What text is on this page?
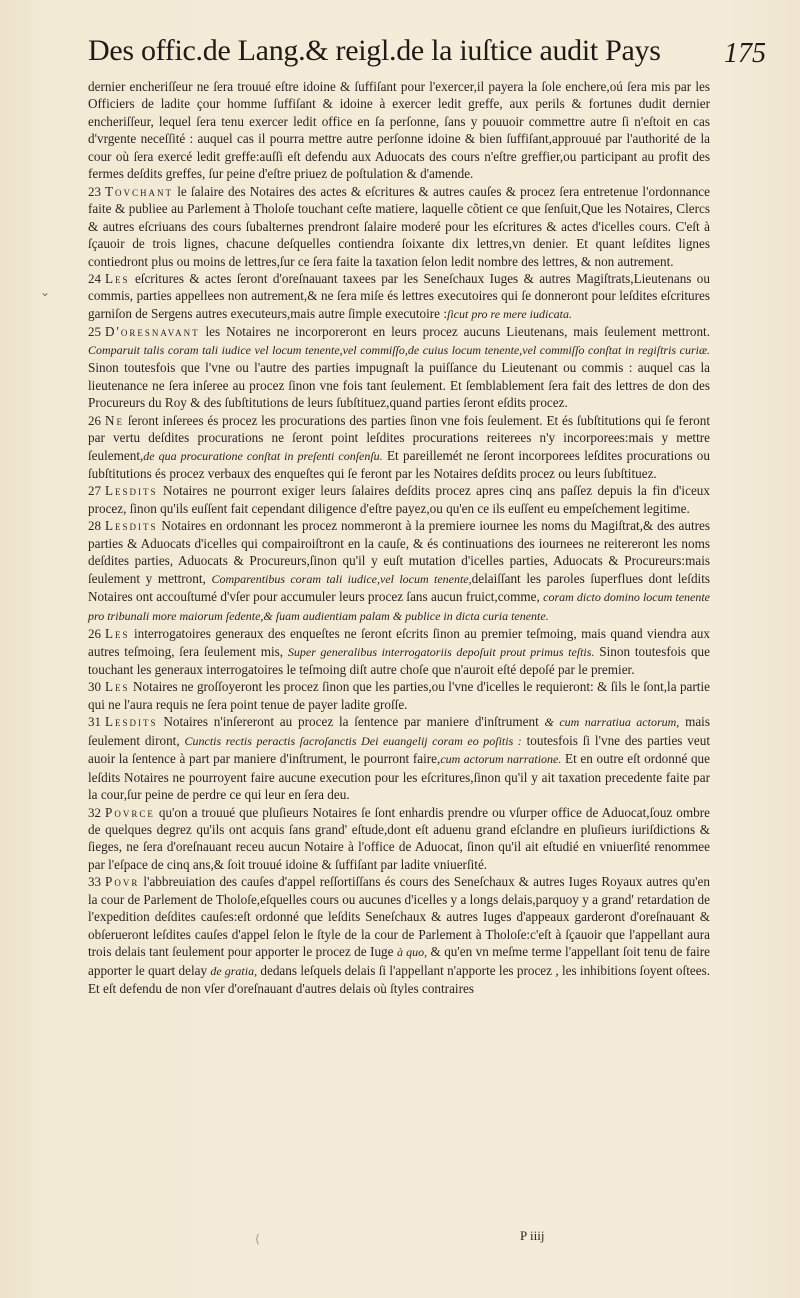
Des offic.de Lang.& reigl.de la iuſtice audit Pays 175
⌄

dernier encheriſſeur ne ſera trouué eſtre idoine & ſuffiſant pour l'exercer,il payera la ſole enchere,oú ſera mis par les Officiers de ladite çour homme ſuffiſant & idoine à exercer ledit greffe, aux perils & fortunes dudit dernier encheriſſeur, lequel ſera tenu exercer ledit office en ſa perſonne, ſans y pouuoir commettre autre ſi n'eſtoit en cas d'vrgente neceſſité : auquel cas il pourra mettre autre perſonne idoine & bien ſuffiſant,approuué par l'authorité de la cour où ſera exercé ledit greffe:auſſi eſt defendu aux Aduocats des cours n'eſtre greffier,ou participant au profit des fermes deſdits greffes, ſur peine d'eſtre priuez de poſtulation & d'amende.

23 Tovchant le ſalaire des Notaires des actes & eſcritures & autres cauſes & procez ſera entretenue l'ordonnance faite & publiee au Parlement à Tholoſe touchant ceſte matiere, laquelle cõtient ce que ſenſuit,Que les Notaires, Clercs & autres eſcriuans des cours ſubalternes prendront ſalaire moderé pour les eſcritures & actes d'icelles cours. C'eſt à ſçauoir de trois lignes, chacune deſquelles contiendra ſoixante dix lettres,vn denier. Et quant leſdites lignes contiedront plus ou moins de lettres,ſur ce ſera faite la taxation ſelon ledit nombre des lettres, & non autrement.

24 Les eſcritures & actes ſeront d'oreſnauant taxees par les Seneſchaux Iuges & autres Magiſtrats,Lieutenans ou commis, parties appellees non autrement,& ne ſera miſe és lettres executoires qui ſe donneront pour leſdites eſcritures garniſon de Sergens autres executeurs,mais autre ſimple executoire :ſicut pro re mere iudicata.

25 D'oresnavant les Notaires ne incorporeront en leurs procez aucuns Lieutenans, mais ſeulement mettront. Comparuit talis coram tali iudice vel locum tenente,vel commiſſo,de cuius locum tenente,vel commiſſo conſtat in regiſtris curiæ. Sinon toutesfois que l'vne ou l'autre des parties impugnaſt la puiſſance du Lieutenant ou commis : auquel cas la lieutenance ne ſera inſeree au procez ſinon vne fois tant ſeulement. Et ſemblablement ſera fait des lettres de don des Procureurs du Roy & des ſubſtitutions de leurs ſubſtituez,quand parties ſeront eſdits procez.

26 Ne ſeront inſerees és procez les procurations des parties ſinon vne fois ſeulement. Et és ſubſtitutions qui ſe feront par vertu deſdites procurations ne ſeront point leſdites procurations reiterees n'y incorporees:mais y mettre ſeulement,de qua procuratione conſtat in preſenti conſenſu. Et pareillemét ne ſeront incorporees leſdites procurations ou ſubſtitutions és procez verbaux des enqueſtes qui ſe feront par les Notaires deſdits procez ou leurs ſubſtituez.

27 Lesdits Notaires ne pourront exiger leurs ſalaires deſdits procez apres cinq ans paſſez depuis la fin d'iceux procez, ſinon qu'ils euſſent fait cependant diligence d'eſtre payez,ou qu'en ce ils euſſent eu empeſchement legitime.

28 Lesdits Notaires en ordonnant les procez nommeront à la premiere iournee les noms du Magiſtrat,& des autres parties & Aduocats d'icelles qui compairoiſtront en la cauſe, & és continuations des iournees ne reitereront les noms deſdites parties, Aduocats & Procureurs,ſinon qu'il y euſt mutation d'icelles parties, Aduocats & Procureurs:mais ſeulement y mettront, Comparentibus coram tali iudice,vel locum tenente,delaiſſant les paroles ſuperflues dont leſdits Notaires ont accouſtumé d'vſer pour accumuler leurs procez ſans aucun fruict,comme, coram dicto domino locum tenente pro tribunali more maiorum ſedente,& ſuam audientiam palam & publice in dicta curia tenente.

26 Les interrogatoires generaux des enqueſtes ne ſeront eſcrits ſinon au premier teſmoing, mais quand viendra aux autres teſmoing, ſera ſeulement mis, Super generalibus interrogatoriis depoſuit prout primus teſtis. Sinon toutesfois que touchant les generaux interrogatoires le teſmoing diſt autre choſe que n'auroit eſté depoſé par le premier.

30 Les Notaires ne groſſoyeront les procez ſinon que les parties,ou l'vne d'icelles le requieront: & ſils le ſont,la partie qui ne l'aura requis ne ſera point tenue de payer ladite groſſe.

31 Lesdits Notaires n'inſereront au procez la ſentence par maniere d'inſtrument & cum narratiua actorum, mais ſeulement diront, Cunctis rectis peractis ſacroſanctis Dei euangelij coram eo poſitis : toutesfois ſi l'vne des parties veut auoir la ſentence à part par maniere d'inſtrument, le pourront faire,cum actorum narratione. Et en outre eſt ordonné que leſdits Notaires ne pourroyent faire aucune execution pour les eſcritures,ſinon qu'il y ait taxation precedente faite par la cour,ſur peine de perdre ce qui leur en ſera deu.

32 Povrce qu'on a trouué que pluſieurs Notaires ſe ſont enhardis prendre ou vſurper office de Aduocat,ſouz ombre de quelques degrez qu'ils ont acquis ſans grand' eſtude,dont eſt aduenu grand eſclandre en pluſieurs iuriſdictions & ſieges, ne ſera d'oreſnauant receu aucun Notaire à l'office de Aduocat, ſinon qu'il ait eſtudié en vniuerſité renommee par l'eſpace de cinq ans,& ſoit trouué idoine & ſuffiſant par ladite vniuerſité.

33 Povr l'abbreuiation des cauſes d'appel reſſortiſſans és cours des Seneſchaux & autres Iuges Royaux autres qu'en la cour de Parlement de Tholoſe,eſquelles cours ou aucunes d'icelles y a longs delais,parquoy y a grand' retardation de l'expedition deſdites cauſes:eſt ordonné que leſdits Seneſchaux & autres Iuges d'appeaux garderont d'oreſnauant & obſerueront leſdites cauſes d'appel ſelon le ſtyle de la cour de Parlement à Tholoſe:c'eſt à ſçauoir que l'appellant aura trois delais tant ſeulement pour apporter le procez de Iuge à quo, & qu'en vn meſme terme l'appellant ſoit tenu de faire apporter le quart delay de gratia, dedans leſquels delais ſi l'appellant n'apporte les procez , les inhibitions ſoyent oſtees. Et eſt defendu de non vſer d'oreſnauant d'autres delais où ſtyles contraires

⟨	P iiij
